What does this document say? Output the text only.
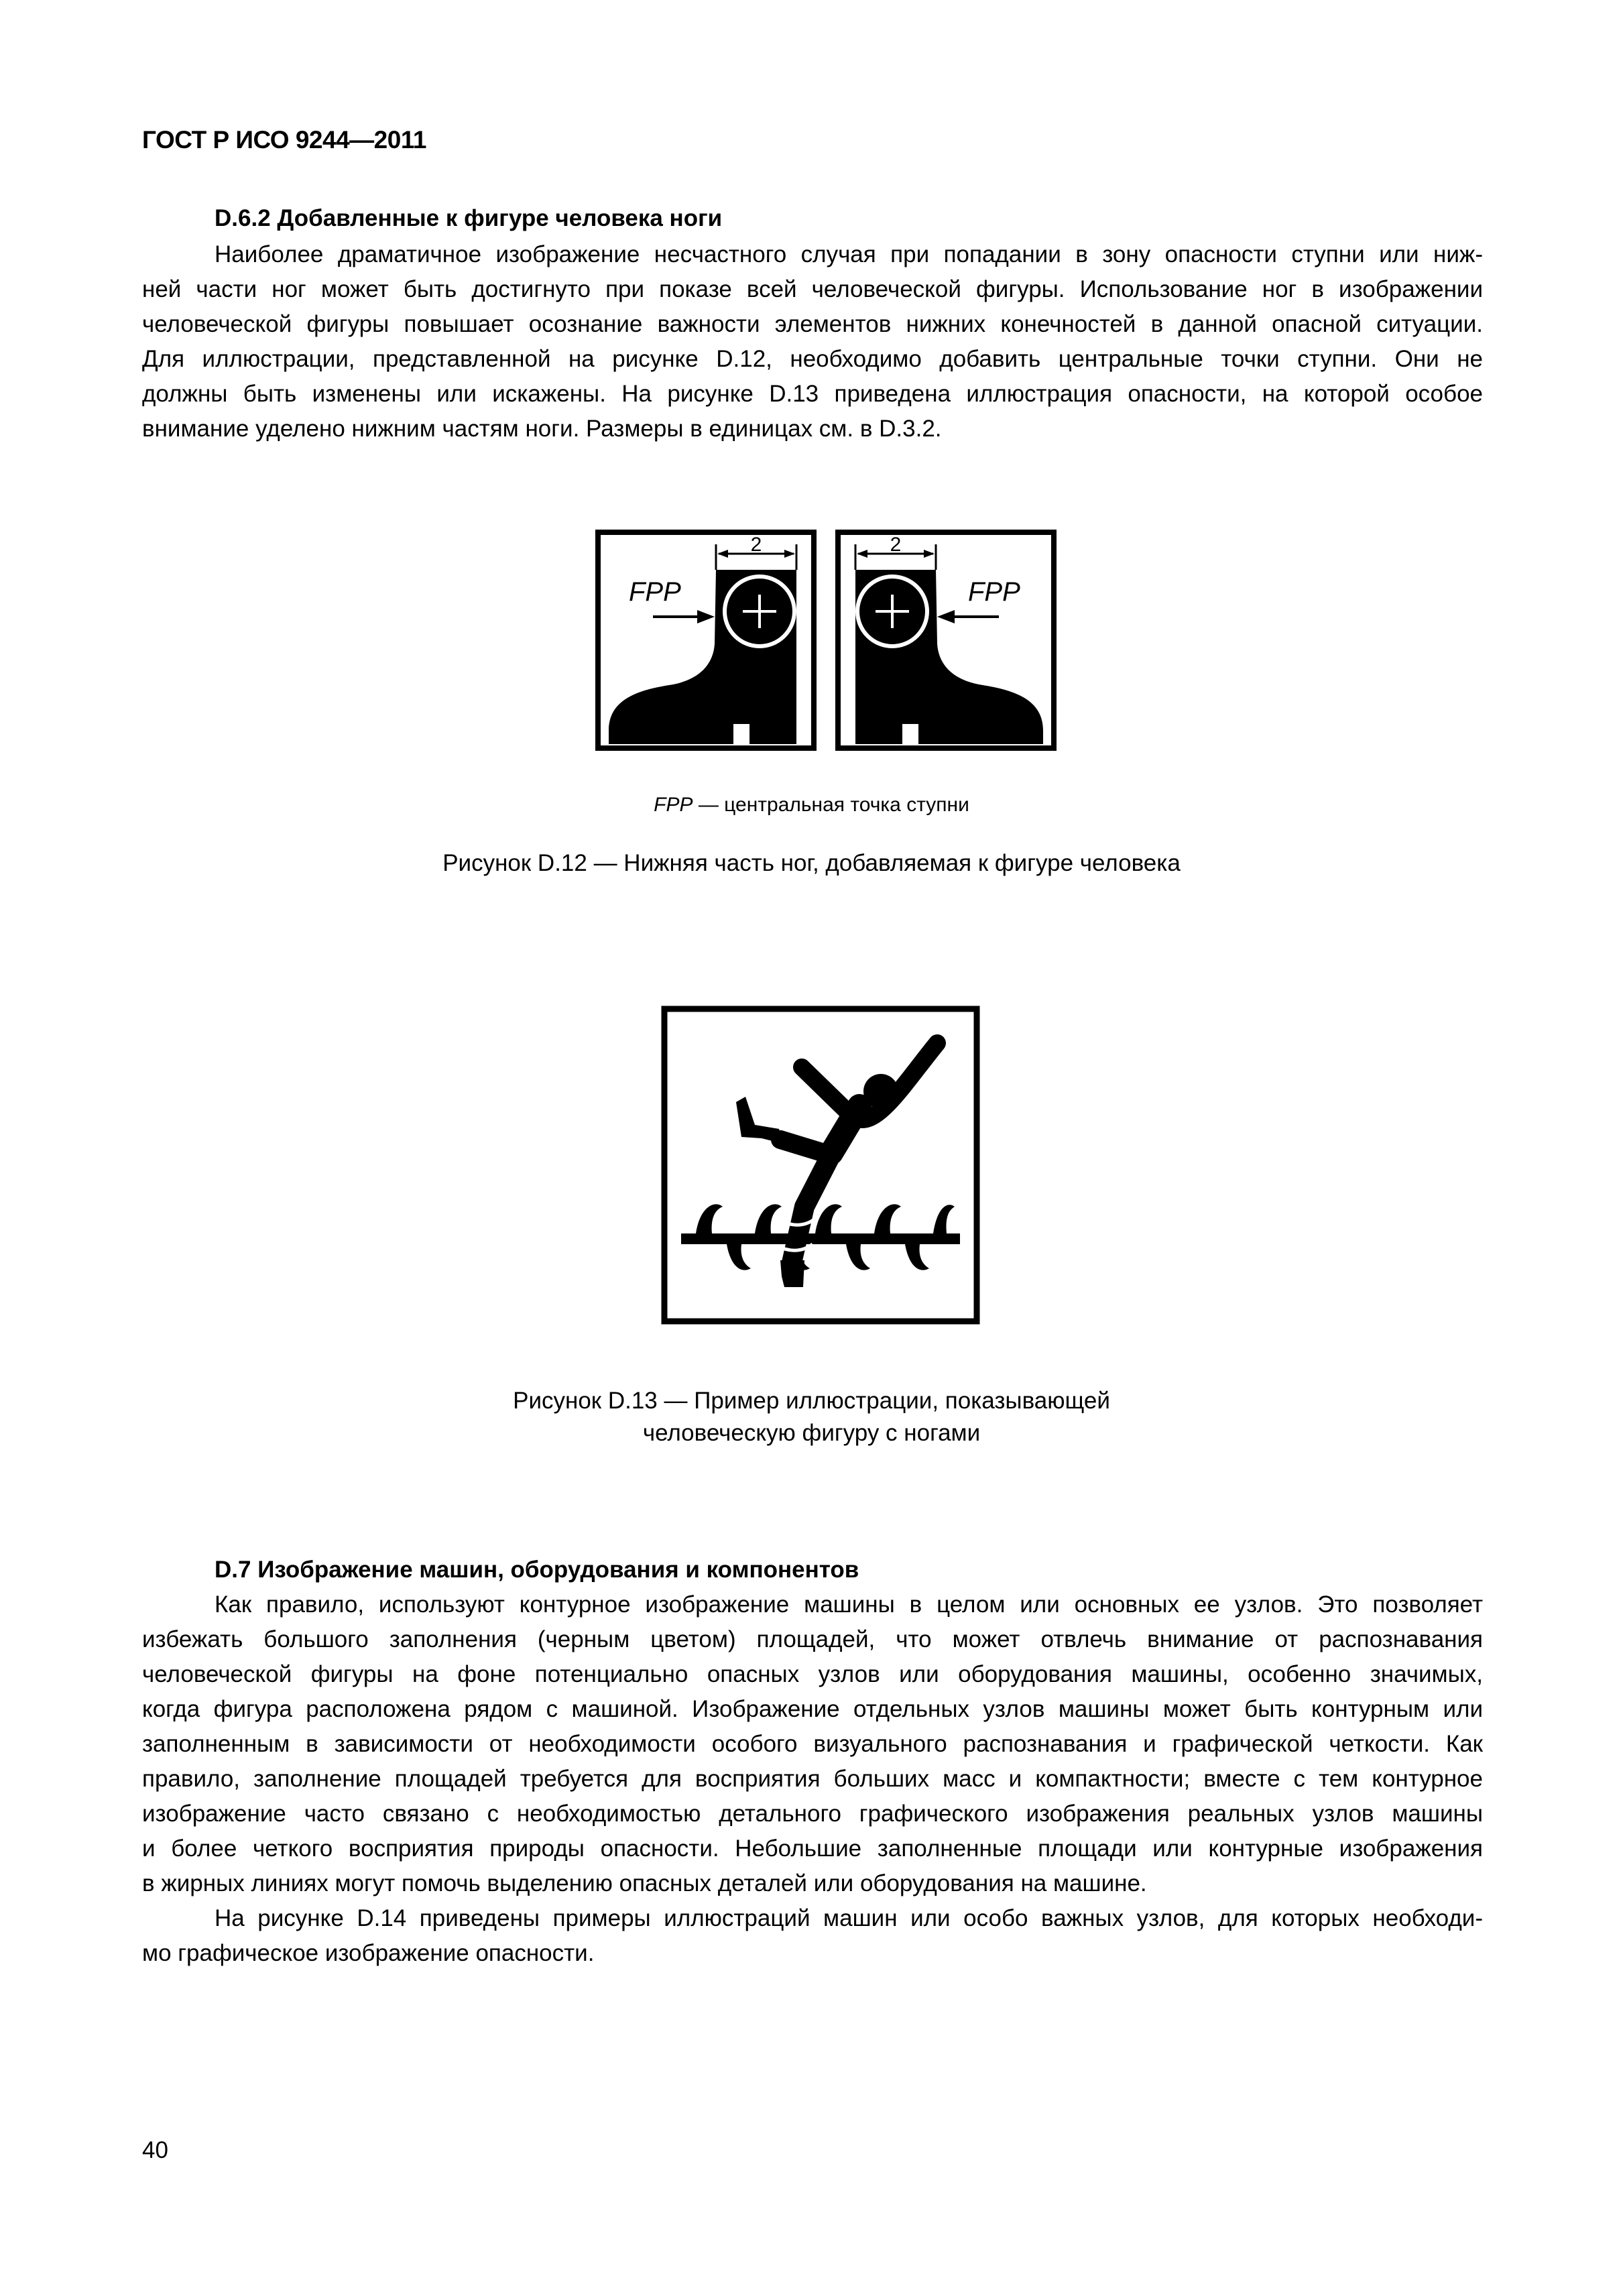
ГОСТ Р ИСО 9244—2011
D.6.2 Добавленные к фигуре человека ноги

Наиболее драматичное изображение несчастного случая при попадании в зону опасности ступни или ниж-
ней части ног может быть достигнуто при показе всей человеческой фигуры. Использование ног в изображении
человеческой фигуры повышает осознание важности элементов нижних конечностей в данной опасной ситуации.
Для иллюстрации, представленной на рисунке D.12, необходимо добавить центральные точки ступни. Они не
должны быть изменены или искажены. На рисунке D.13 приведена иллюстрация опасности, на которой особое
внимание уделено нижним частям ноги. Размеры в единицах см. в D.3.2.

2
FPP
2
FPP
FPP — центральная точка ступни
Рисунок D.12 — Нижняя часть ног, добавляемая к фигуре человека
Рисунок D.13 — Пример иллюстрации, показывающей
человеческую фигуру с ногами
D.7 Изображение машин, оборудования и компонентов

Как правило, используют контурное изображение машины в целом или основных ее узлов. Это позволяет
избежать большого заполнения (черным цветом) площадей, что может отвлечь внимание от распознавания
человеческой фигуры на фоне потенциально опасных узлов или оборудования машины, особенно значимых,
когда фигура расположена рядом с машиной. Изображение отдельных узлов машины может быть контурным или
заполненным в зависимости от необходимости особого визуального распознавания и графической четкости. Как
правило, заполнение площадей требуется для восприятия больших масс и компактности; вместе с тем контурное
изображение часто связано с необходимостью детального графического изображения реальных узлов машины
и более четкого восприятия природы опасности. Небольшие заполненные площади или контурные изображения
в жирных линиях могут помочь выделению опасных деталей или оборудования на машине.
На рисунке D.14 приведены примеры иллюстраций машин или особо важных узлов, для которых необходи-
мо графическое изображение опасности.

40
